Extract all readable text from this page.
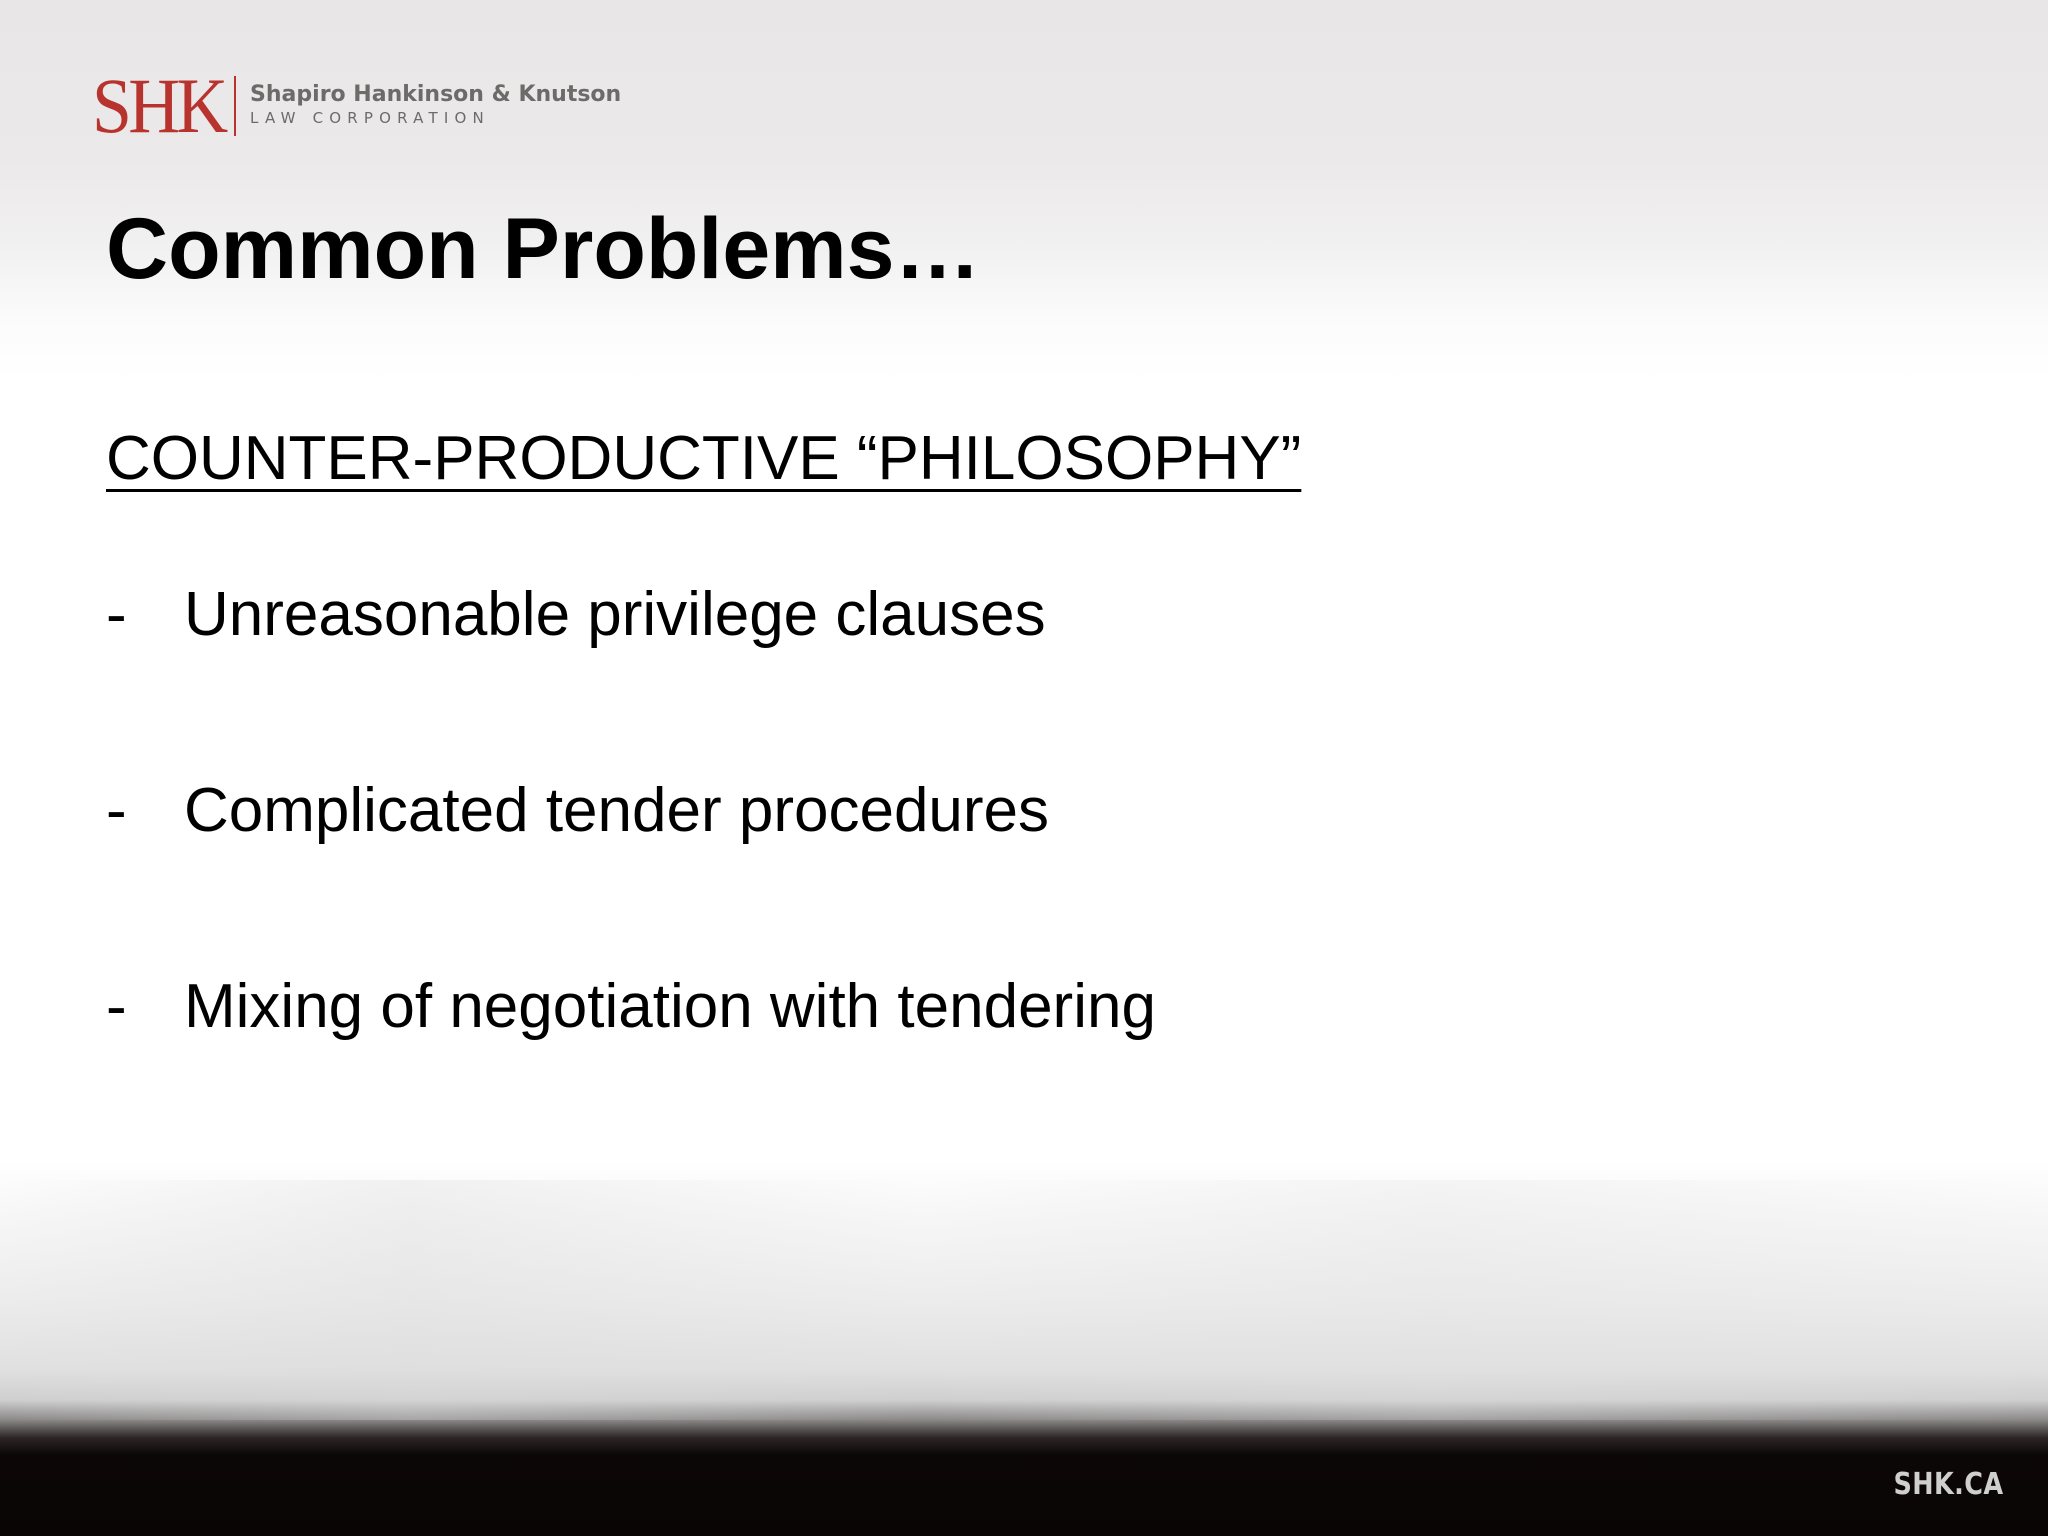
SHK Shapiro Hankinson & Knutson
LAW CORPORATION
Common Problems…
COUNTER-PRODUCTIVE “PHILOSOPHY”
- Unreasonable privilege clauses
- Complicated tender procedures
- Mixing of negotiation with tendering
SHK.CA
